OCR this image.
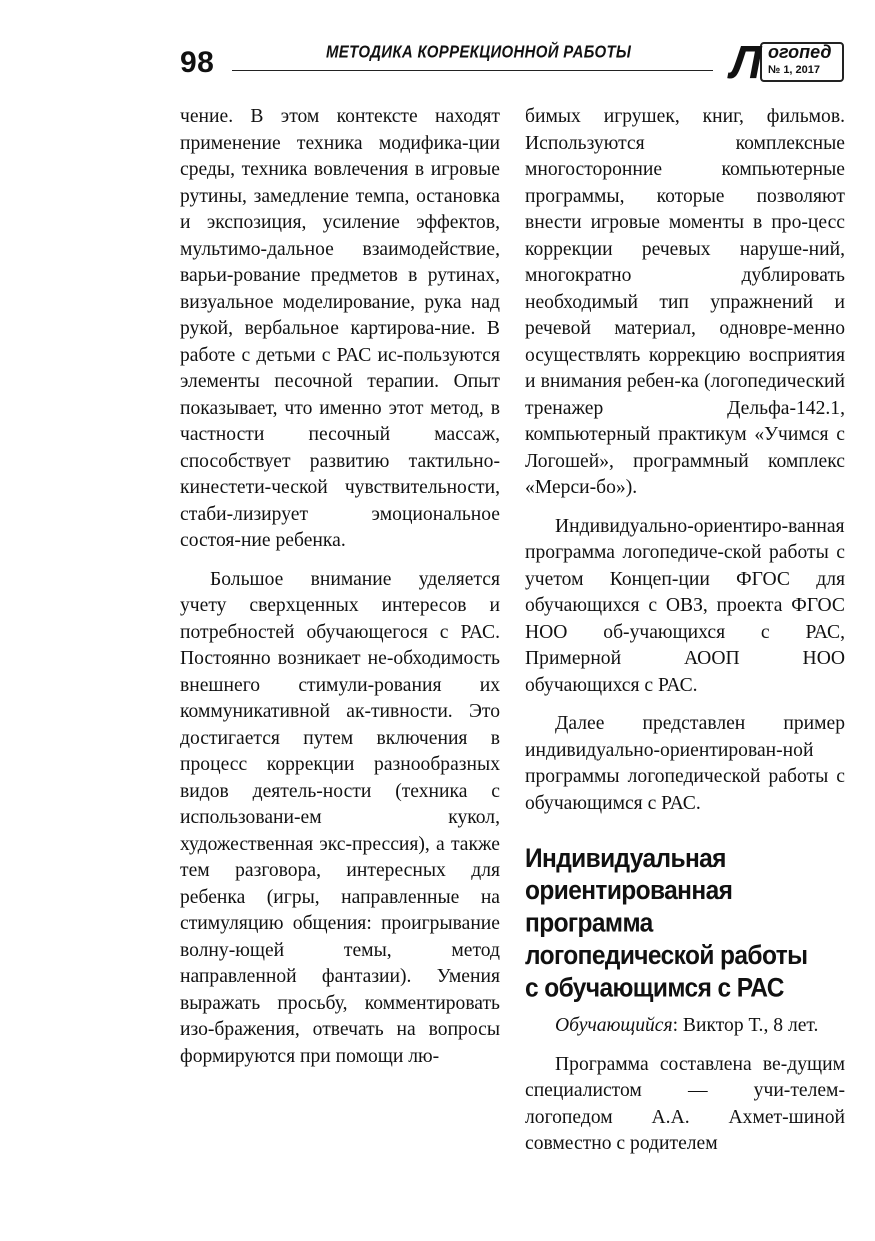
98	МЕТОДИКА КОРРЕКЦИОННОЙ РАБОТЫ Л огопед
№ 1, 2017

чение. В этом контексте находят применение техника модифика-ции среды, техника вовлечения в игровые рутины, замедление темпа, остановка и экспозиция, усиление эффектов, мультимо-дальное взаимодействие, варьи-рование предметов в рутинах, визуальное моделирование, рука над рукой, вербальное картирова-ние. В работе с детьми с РАС ис-пользуются элементы песочной терапии. Опыт показывает, что именно этот метод, в частности песочный массаж, способствует развитию тактильно-кинестети-ческой чувствительности, стаби-лизирует эмоциональное состоя-ние ребенка.

Большое внимание уделяется учету сверхценных интересов и потребностей обучающегося с РАС. Постоянно возникает не-обходимость внешнего стимули-рования их коммуникативной ак-тивности. Это достигается путем включения в процесс коррекции разнообразных видов деятель-ности (техника с использовани-ем кукол, художественная экс-прессия), а также тем разговора, интересных для ребенка (игры, направленные на стимуляцию общения: проигрывание волну-ющей темы, метод направленной фантазии). Умения выражать просьбу, комментировать изо-бражения, отвечать на вопросы формируются при помощи лю-

бимых игрушек, книг, фильмов. Используются комплексные многосторонние компьютерные программы, которые позволяют внести игровые моменты в про-цесс коррекции речевых наруше-ний, многократно дублировать необходимый тип упражнений и речевой материал, одновре-менно осуществлять коррекцию восприятия и внимания ребен-ка (логопедический тренажер Дельфа-142.1, компьютерный практикум «Учимся с Логошей», программный комплекс «Мерси-бо»).

Индивидуально-ориентиро-ванная программа логопедиче-ской работы с учетом Концеп-ции ФГОС для обучающихся с ОВЗ, проекта ФГОС НОО об-учающихся с РАС, Примерной АООП НОО обучающихся с РАС.

Далее представлен пример индивидуально-ориентирован-ной программы логопедической работы с обучающимся с РАС.

Индивидуальная
ориентированная программа
логопедической работы
с обучающимся с РАС

Обучающийся: Виктор Т., 8 лет.

Программа составлена ве-дущим специалистом — учи-телем-логопедом А.А. Ахмет-шиной совместно с родителем
